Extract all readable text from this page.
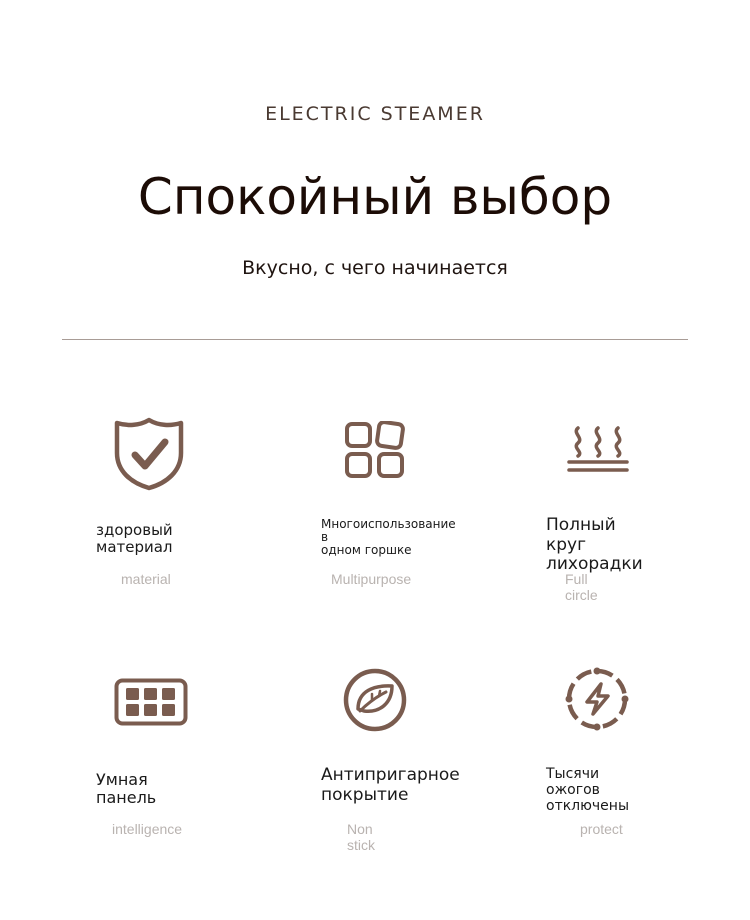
ELECTRIC STEAMER
Спокойный выбор
Вкусно, с чего начинается
здоровый материал
material
Многоиспользование в
одном горшке
Multipurpose
Полный круг
лихорадки
Full circle
Умная панель
intelligence
Антипригарное
покрытие
Non stick
Тысячи ожогов
отключены
protect
